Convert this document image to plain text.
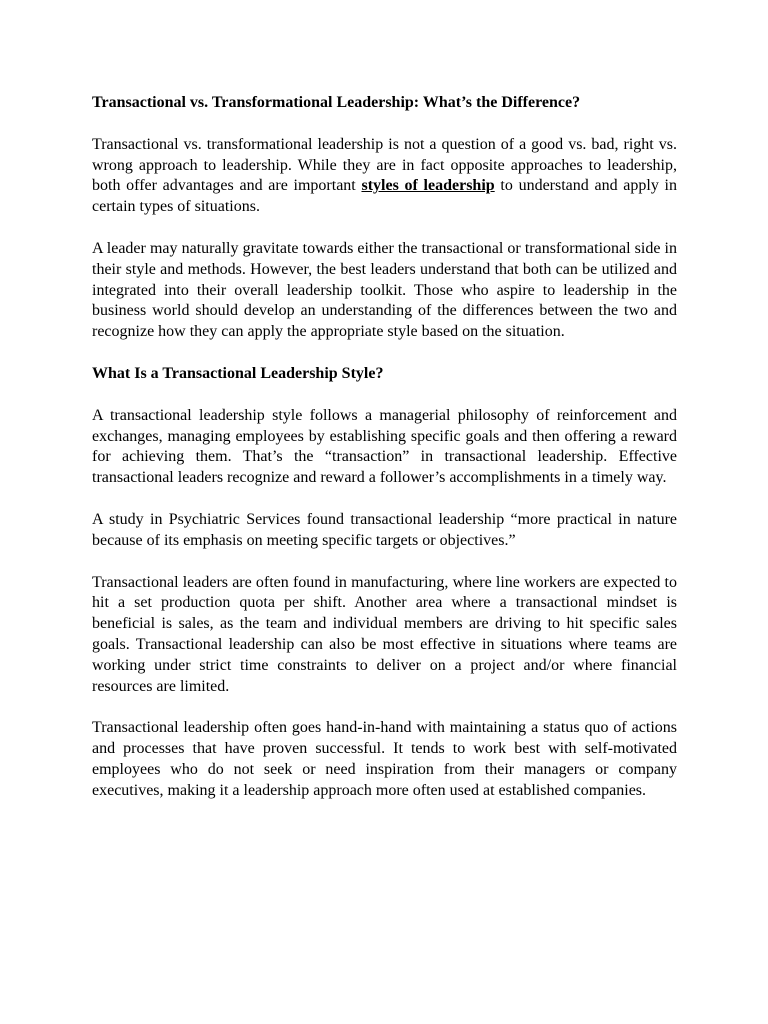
Transactional vs. Transformational Leadership: What’s the Difference?

Transactional vs. transformational leadership is not a question of a good vs. bad, right vs. wrong approach to leadership. While they are in fact opposite approaches to leadership, both offer advantages and are important styles of leadership to understand and apply in certain types of situations.

A leader may naturally gravitate towards either the transactional or transformational side in their style and methods. However, the best leaders understand that both can be utilized and integrated into their overall leadership toolkit. Those who aspire to leadership in the business world should develop an understanding of the differences between the two and recognize how they can apply the appropriate style based on the situation.

What Is a Transactional Leadership Style?

A transactional leadership style follows a managerial philosophy of reinforcement and exchanges, managing employees by establishing specific goals and then offering a reward for achieving them. That’s the “transaction” in transactional leadership. Effective transactional leaders recognize and reward a follower’s accomplishments in a timely way.

A study in Psychiatric Services found transactional leadership “more practical in nature because of its emphasis on meeting specific targets or objectives.”

Transactional leaders are often found in manufacturing, where line workers are expected to hit a set production quota per shift. Another area where a transactional mindset is beneficial is sales, as the team and individual members are driving to hit specific sales goals. Transactional leadership can also be most effective in situations where teams are working under strict time constraints to deliver on a project and/or where financial resources are limited.

Transactional leadership often goes hand-in-hand with maintaining a status quo of actions and processes that have proven successful. It tends to work best with self-motivated employees who do not seek or need inspiration from their managers or company executives, making it a leadership approach more often used at established companies.
